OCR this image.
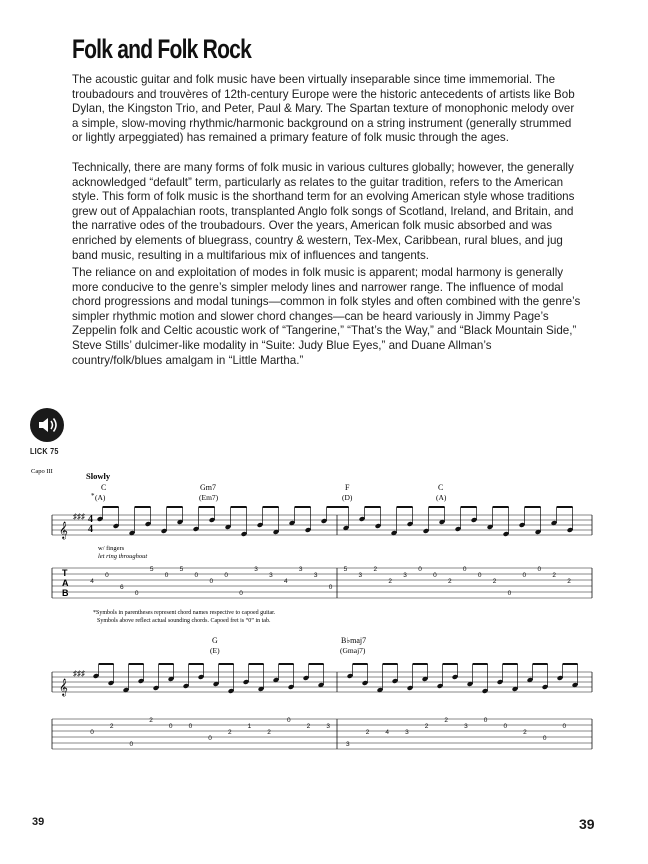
Folk and Folk Rock

The acoustic guitar and folk music have been virtually inseparable since time immemorial. The troubadours and trouvères of 12th-century Europe were the historic antecedents of artists like Bob Dylan, the Kingston Trio, and Peter, Paul & Mary. The Spartan texture of monophonic melody over a simple, slow-moving rhythmic/harmonic background on a string instrument (generally strummed or lightly arpeggiated) has remained a primary feature of folk music through the ages.

Technically, there are many forms of folk music in various cultures globally; however, the generally acknowledged “default” term, particularly as relates to the guitar tradition, refers to the American style. This form of folk music is the shorthand term for an evolving American style whose traditions grew out of Appalachian roots, transplanted Anglo folk songs of Scotland, Ireland, and Britain, and the narrative odes of the troubadours. Over the years, American folk music absorbed and was enriched by elements of bluegrass, country & western, Tex-Mex, Caribbean, rural blues, and jug band music, resulting in a multifarious mix of influences and tangents.

The reliance on and exploitation of modes in folk music is apparent; modal harmony is generally more conducive to the genre’s simpler melody lines and narrower range. The influence of modal chord progressions and modal tunings—common in folk styles and often combined with the genre’s simpler rhythmic motion and slower chord changes—can be heard variously in Jimmy Page’s Zeppelin folk and Celtic acoustic work of “Tangerine,” “That’s the Way,” and “Black Mountain Side,” Steve Stills’ dulcimer-like modality in “Suite: Judy Blue Eyes,” and Duane Allman’s country/folk/blues amalgam in “Little Martha.”

LICK 75
Capo III	Slowly
C
* (A)
Gm7
(Em7)
F
(D)
C
(A)
𝄞
♯♯♯ 4
4
w/ fingers
let ring throughout
T
A
B
4
0
6
0
5
0
5
0
0
0
0
3
3
4
3
3
0
5
3
2
2
3
0
0
2
0
0
2
0
0
0
2
2
*Symbols in parentheses represent chord names respective to capoed guitar.
Symbols above reflect actual sounding chords. Capoed fret is “0” in tab.
G
(E)
B♭maj7
(Gmaj7)
𝄞
♯♯♯
0
2
0
2
0 0
0
2
1
2
0
2 3
3
2 4 3
2
2
3
0
0
2
0
0
39	39
